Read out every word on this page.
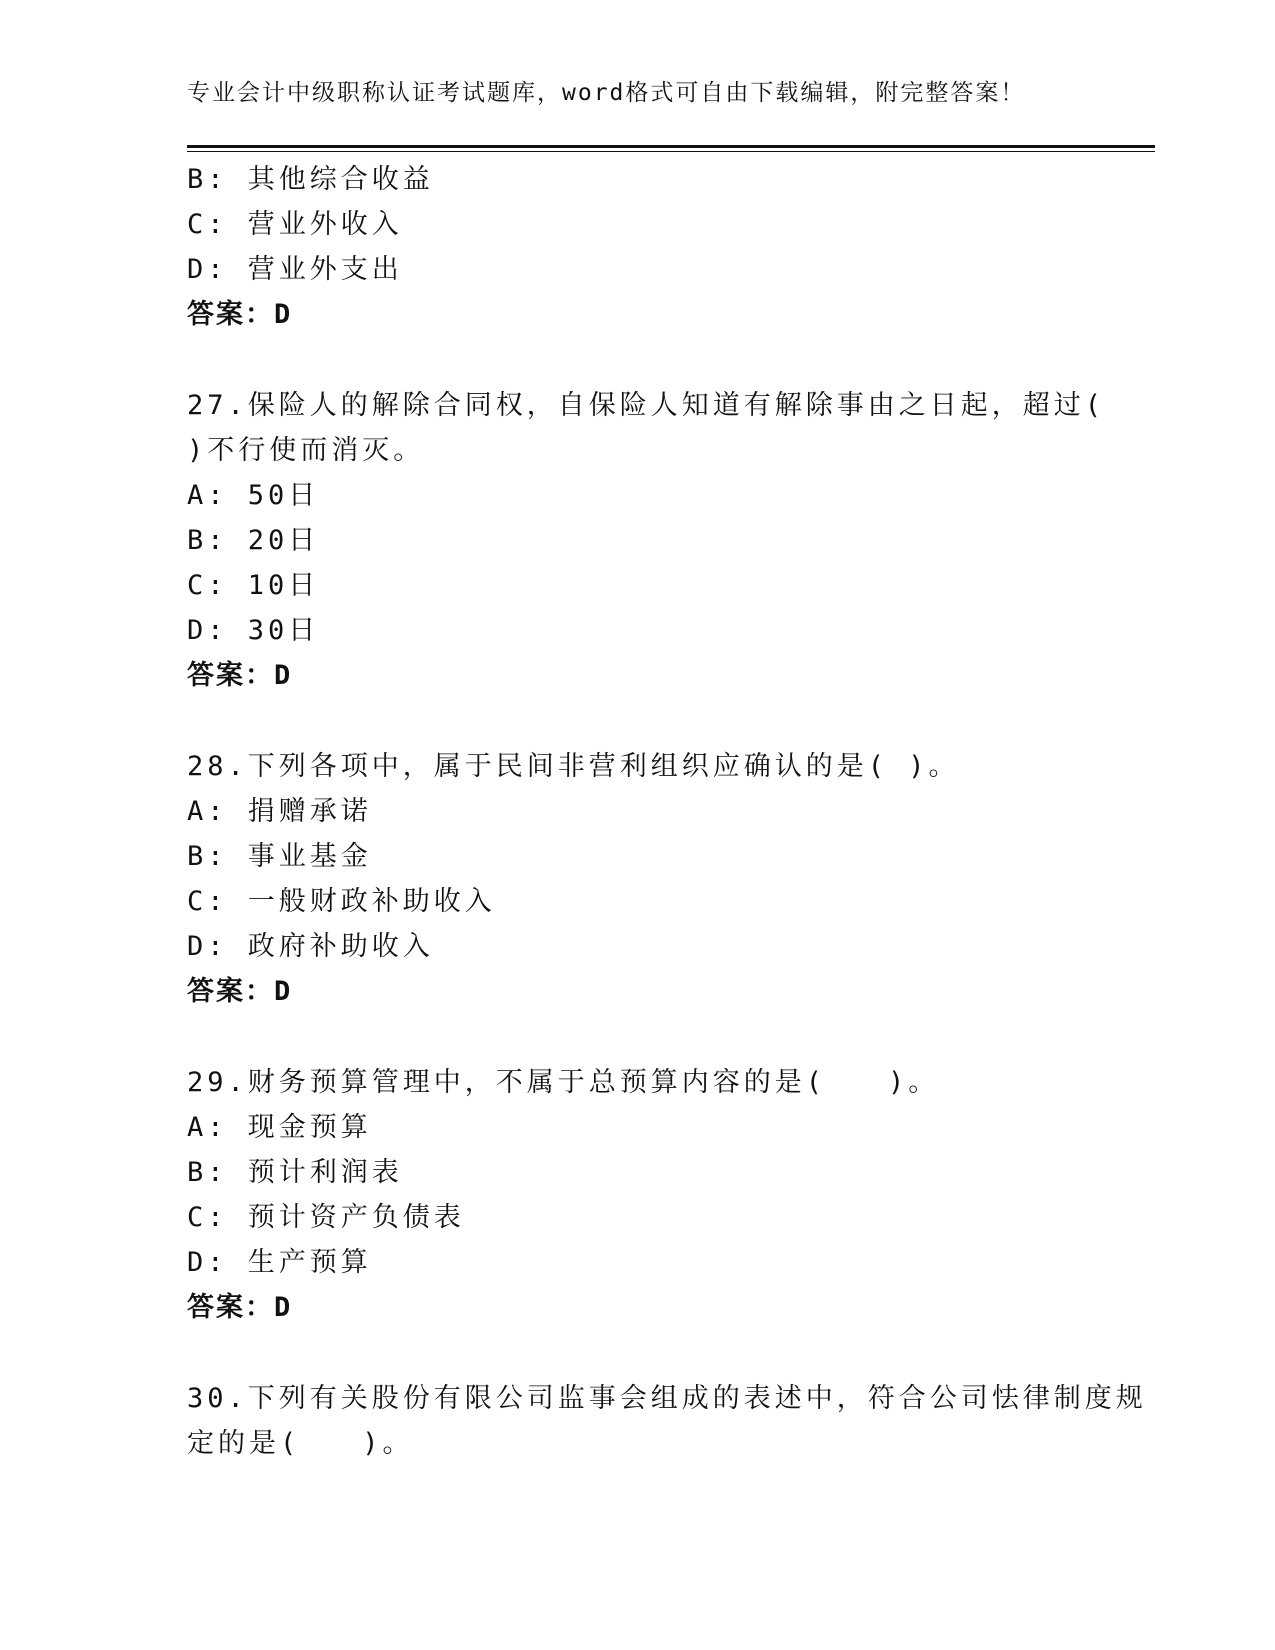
专业会计中级职称认证考试题库，word格式可自由下载编辑，附完整答案！
B: 其他综合收益
C: 营业外收入
D: 营业外支出
答案：D
27.保险人的解除合同权，自保险人知道有解除事由之日起，超过(
)不行使而消灭。
A: 50日
B: 20日
C: 10日
D: 30日
答案：D
28.下列各项中，属于民间非营利组织应确认的是( )。
A: 捐赠承诺
B: 事业基金
C: 一般财政补助收入
D: 政府补助收入
答案：D
29.财务预算管理中，不属于总预算内容的是(　　)。
A: 现金预算
B: 预计利润表
C: 预计资产负债表
D: 生产预算
答案：D
30.下列有关股份有限公司监事会组成的表述中，符合公司怯律制度规
定的是(　　)。
